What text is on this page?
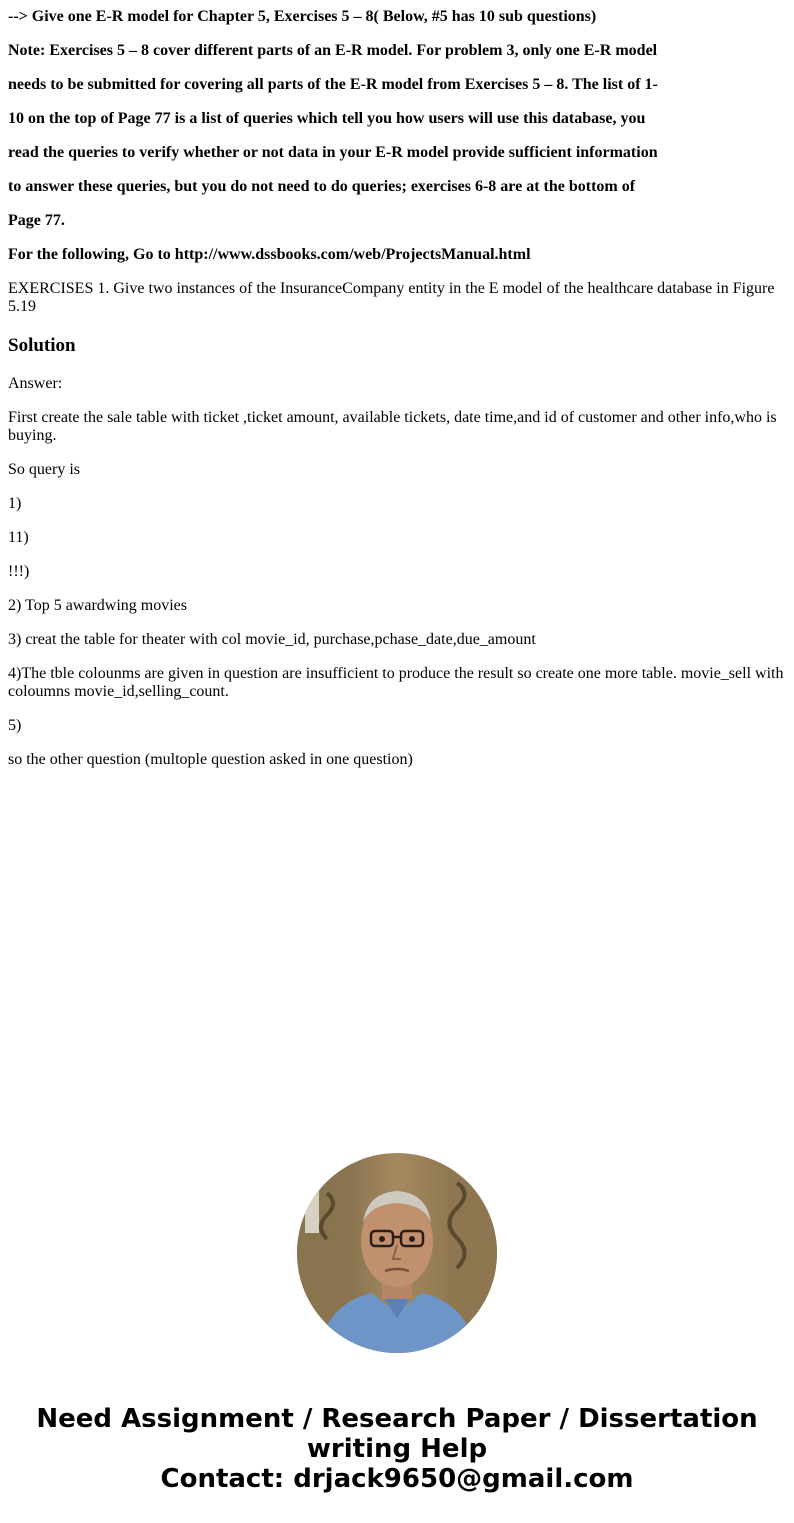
--> Give one E-R model for Chapter 5, Exercises 5 – 8( Below, #5 has 10 sub questions)

Note: Exercises 5 – 8 cover different parts of an E-R model. For problem 3, only one E-R model

needs to be submitted for covering all parts of the E-R model from Exercises 5 – 8. The list of 1-

10 on the top of Page 77 is a list of queries which tell you how users will use this database, you

read the queries to verify whether or not data in your E-R model provide sufficient information

to answer these queries, but you do not need to do queries; exercises 6-8 are at the bottom of

Page 77.

For the following, Go to http://www.dssbooks.com/web/ProjectsManual.html

EXERCISES 1. Give two instances of the InsuranceCompany entity in the E model of the healthcare database in Figure 5.19

Solution

Answer:

First create the sale table with ticket ,ticket amount, available tickets, date time,and id of customer and other info,who is buying.

So query is

1)

11)

!!!)

2) Top 5 awardwing movies

3) creat the table for theater with col movie_id, purchase,pchase_date,due_amount

4)The tble colounms are given in question are insufficient to produce the result so create one more table. movie_sell with coloumns movie_id,selling_count.

5)

so the other question (multople question asked in one question)

Need Assignment / Research Paper / Dissertation
writing Help
Contact: drjack9650@gmail.com
